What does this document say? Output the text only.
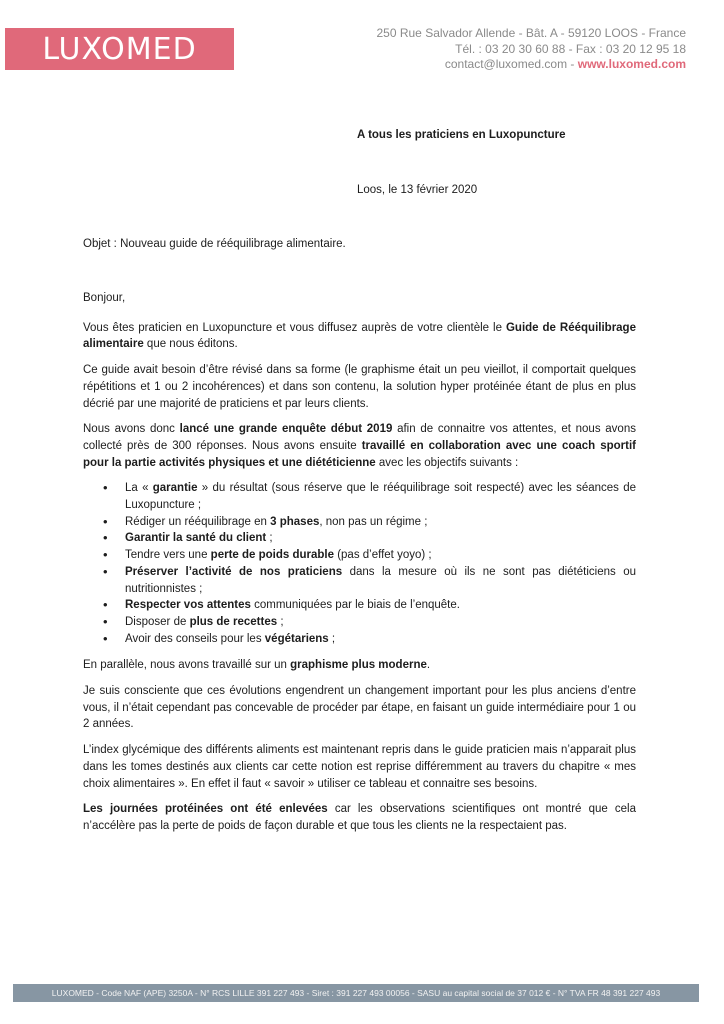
LUXOMED	250 Rue Salvador Allende - Bât. A - 59120 LOOS - France
Tél. : 03 20 30 60 88 - Fax : 03 20 12 95 18
contact@luxomed.com - www.luxomed.com
A tous les praticiens en Luxopuncture
Loos, le 13 février 2020
Objet : Nouveau guide de rééquilibrage alimentaire.

Bonjour,

Vous êtes praticien en Luxopuncture et vous diffusez auprès de votre clientèle le Guide de Rééquilibrage alimentaire que nous éditons.

Ce guide avait besoin d’être révisé dans sa forme (le graphisme était un peu vieillot, il comportait quelques répétitions et 1 ou 2 incohérences) et dans son contenu, la solution hyper protéinée étant de plus en plus décrié par une majorité de praticiens et par leurs clients.

Nous avons donc lancé une grande enquête début 2019 afin de connaitre vos attentes, et nous avons collecté près de 300 réponses. Nous avons ensuite travaillé en collaboration avec une coach sportif pour la partie activités physiques et une diététicienne avec les objectifs suivants :

• La « garantie » du résultat (sous réserve que le rééquilibrage soit respecté) avec les séances de Luxopuncture ;
• Rédiger un rééquilibrage en 3 phases, non pas un régime ;
• Garantir la santé du client ;
• Tendre vers une perte de poids durable (pas d’effet yoyo) ;
• Préserver l’activité de nos praticiens dans la mesure où ils ne sont pas diététiciens ou nutritionnistes ;
• Respecter vos attentes communiquées par le biais de l’enquête.
• Disposer de plus de recettes ;
• Avoir des conseils pour les végétariens ;

En parallèle, nous avons travaillé sur un graphisme plus moderne.

Je suis consciente que ces évolutions engendrent un changement important pour les plus anciens d’entre vous, il n’était cependant pas concevable de procéder par étape, en faisant un guide intermédiaire pour 1 ou 2 années.

L’index glycémique des différents aliments est maintenant repris dans le guide praticien mais n’apparait plus dans les tomes destinés aux clients car cette notion est reprise différemment au travers du chapitre « mes choix alimentaires ». En effet il faut « savoir » utiliser ce tableau et connaitre ses besoins.

Les journées protéinées ont été enlevées car les observations scientifiques ont montré que cela n’accélère pas la perte de poids de façon durable et que tous les clients ne la respectaient pas.

LUXOMED - Code NAF (APE) 3250A - N° RCS LILLE 391 227 493 - Siret : 391 227 493 00056 - SASU au capital social de 37 012 € - N° TVA FR 48 391 227 493
